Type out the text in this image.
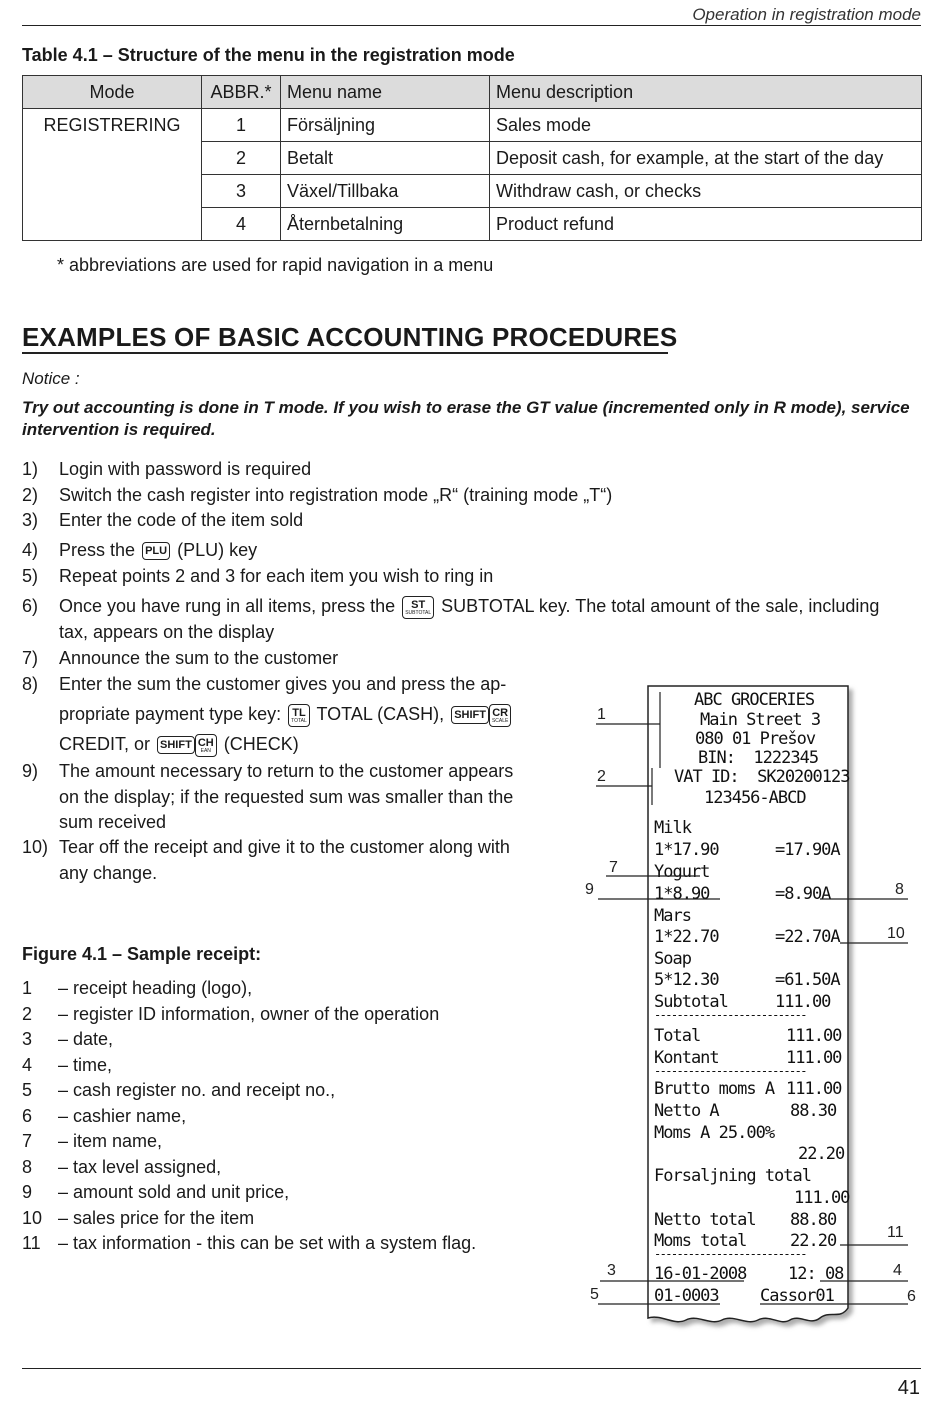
Operation in registration mode
Table 4.1 – Structure of the menu in the registration mode
Mode	ABBR.*	Menu name	Menu description
REGISTRERING	1	Försäljning	Sales mode
	2	Betalt	Deposit cash, for example, at the start of the day
	3	Växel/Tillbaka	Withdraw cash, or checks
	4	Åternbetalning	Product refund
* abbreviations are used for rapid navigation in a menu
EXAMPLES OF BASIC ACCOUNTING PROCEDURES
Notice :
Try out accounting is done in T mode. If you wish to erase the GT value (incremented only in R mode), service intervention is required.
1) Login with password is required
2) Switch the cash register into registration mode „R“ (training mode „T“)
3) Enter the code of the item sold
4) Press the PLU (PLU) key
5) Repeat points 2 and 3 for each item you wish to ring in
6) Once you have rung in all items, press the ST
SUBTOTAL SUBTOTAL key. The total amount of the sale, including
tax, appears on the display
7) Announce the sum to the customer
8) Enter the sum the customer gives you and press the ap-
propriate payment type key: TL
TOTAL TOTAL (CASH), SHIFT CR
SCALE
CREDIT, or SHIFT CH
EAN (CHECK)
9) The amount necessary to return to the customer appears
on the display; if the requested sum was smaller than the
sum received
10) Tear off the receipt and give it to the customer along with
any change.
Figure 4.1 – Sample receipt:
1 – receipt heading (logo),
2 – register ID information, owner of the operation
3 – date,
4 – time,
5 – cash register no. and receipt no.,
6 – cashier name,
7 – item name,
8 – tax level assigned,
9 – amount sold and unit price,
10 – sales price for the item
11 – tax information - this can be set with a system flag.
ABC GROCERIES
Main Street 3
080 01 Prešov
BIN:  1222345
VAT ID:  SK20200123
123456-ABCD
Milk
1*17.90	=17.90A
Yogurt
1*8.90	=8.90A
Mars
1*22.70	=22.70A
Soap
5*12.30	=61.50A
Subtotal	111.00
---------------------------
Total	111.00
Kontant	111.00
---------------------------
Brutto moms A 111.00
Netto A	88.30
Moms A 25.00%
22.20
Forsaljning total
111.00
Netto total 88.80
Moms total	22.20
---------------------------
16-01-2008 12: 08
01-0003 Cassor01
1
2
3	4
5	6
7
8
9
10
11
41
